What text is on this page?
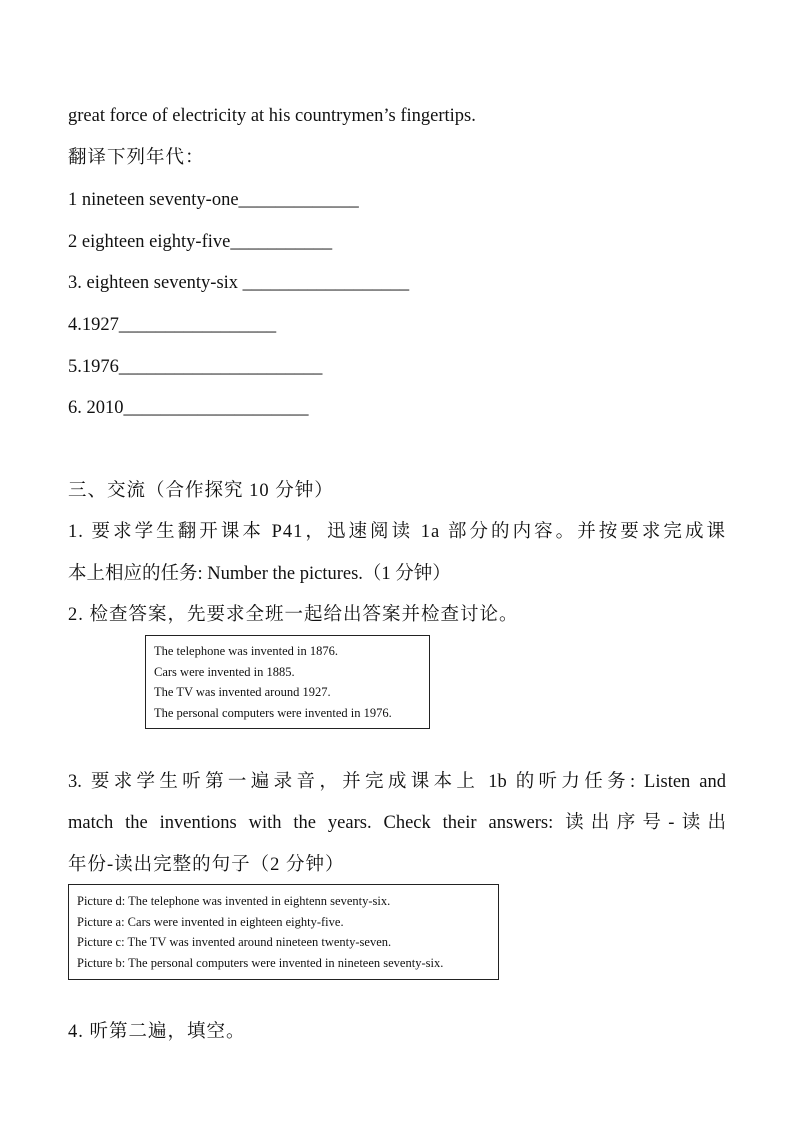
great force of electricity at his countrymen’s fingertips.
翻译下列年代：
1 nineteen seventy-one_____________
2 eighteen eighty-five___________
3. eighteen seventy-six __________________
4.1927_________________
5.1976______________________
6. 2010____________________
三、交流（合作探究 10 分钟）
1. 要求学生翻开课本 P41，迅速阅读 1a 部分的内容。并按要求完成课
本上相应的任务: Number the pictures.（1 分钟）
2. 检查答案，先要求全班一起给出答案并检查讨论。
The telephone was invented in 1876.
Cars were invented in 1885.
The TV was invented around 1927.
The personal computers were invented in 1976.
3. 要求学生听第一遍录音，并完成课本上 1b 的听力任务: Listen and
match the inventions with the years. Check their answers: 读出序号-读出
年份-读出完整的句子（2 分钟）
Picture d: The telephone was invented in eightenn seventy-six.
Picture a: Cars were invented in eighteen eighty-five.
Picture c: The TV was invented around nineteen twenty-seven.
Picture b: The personal computers were invented in nineteen seventy-six.
4. 听第二遍，填空。
